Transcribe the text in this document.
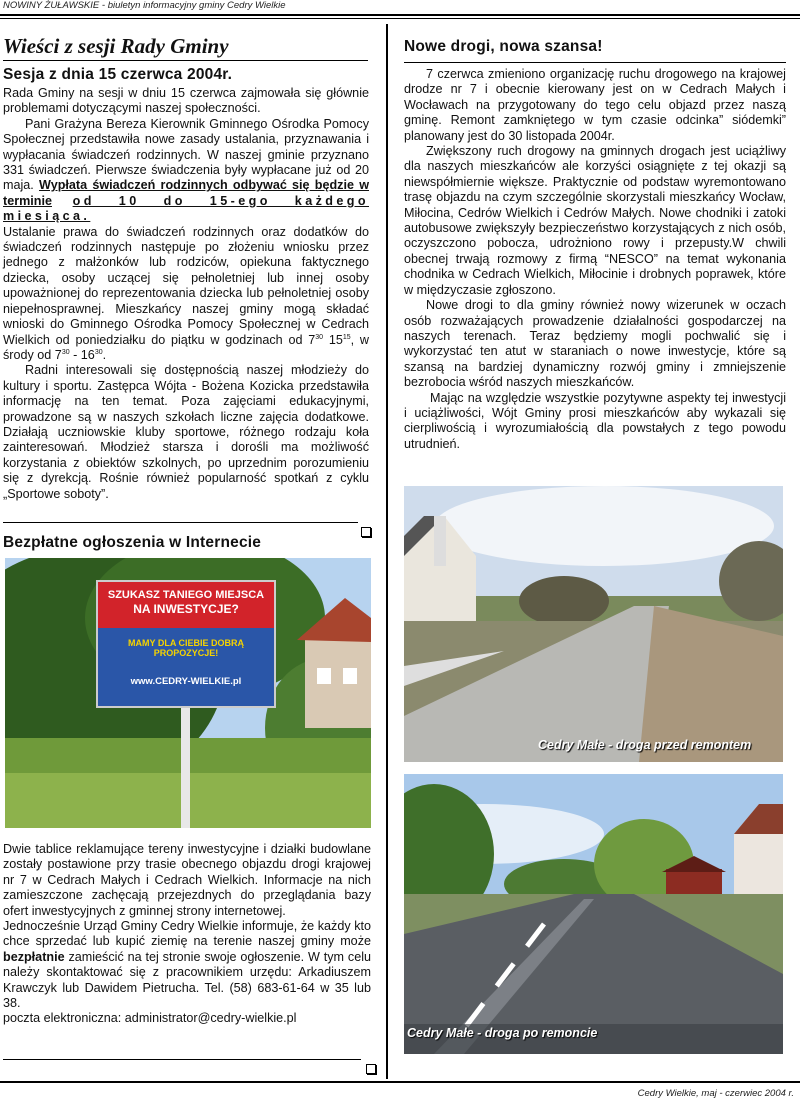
NOWINY ŻUŁAWSKIE - biuletyn informacyjny gminy Cedry Wielkie
Wieści z sesji Rady Gminy
Sesja z dnia 15 czerwca 2004r.

Rada Gminy na sesji w dniu 15 czerwca zajmowała się głównie problemami dotyczącymi naszej społeczności.

Pani Grażyna Bereza Kierownik Gminnego Ośrodka Pomocy Społecznej przedstawiła nowe zasady ustalania, przyznawania i wypłacania świadczeń rodzinnych. W naszej gminie przyznano 331 świadczeń. Pierwsze świadczenia były wypłacane już od 20 maja. Wypłata świadczeń rodzinnych odbywać się będzie w terminie od 10 do 15-ego każdego miesiąca.

Ustalanie prawa do świadczeń rodzinnych oraz dodatków do świadczeń rodzinnych następuje po złożeniu wniosku przez jednego z małżonków lub rodziców, opiekuna faktycznego dziecka, osoby uczącej się pełnoletniej lub innej osoby upoważnionej do reprezentowania dziecka lub pełnoletniej osoby niepełnosprawnej. Mieszkańcy naszej gminy mogą składać wnioski do Gminnego Ośrodka Pomocy Społecznej w Cedrach Wielkich od poniedziałku do piątku w godzinach od $7^{30}$ $15^{15}$, w środy od $7^{30} - 16^{30}$.

Radni interesowali się dostępnością naszej młodzieży do kultury i sportu. Zastępca Wójta - Bożena Kozicka przedstawiła informację na ten temat. Poza zajęciami edukacyjnymi, prowadzone są w naszych szkołach liczne zajęcia dodatkowe. Działają uczniowskie kluby sportowe, różnego rodzaju koła zainteresowań. Młodzież starsza i dorośli ma możliwość korzystania z obiektów szkolnych, po uprzednim porozumieniu się z dyrekcją. Rośnie również popularność spotkań z cyklu „Sportowe soboty”.

Bezpłatne ogłoszenia w Internecie
SZUKASZ TANIEGO MIEJSCA
NA INWESTYCJE?
MAMY DLA CIEBIE DOBRĄ
PROPOZYCJE!
www.CEDRY-WIELKIE.pl

Dwie tablice reklamujące tereny inwestycyjne i działki budowlane zostały postawione przy trasie obecnego objazdu drogi krajowej nr 7 w Cedrach Małych i Cedrach Wielkich. Informacje na nich zamieszczone zachęcają przejezdnych do przeglądania bazy ofert inwestycyjnych z gminnej strony internetowej.

Jednocześnie Urząd Gminy Cedry Wielkie informuje, że każdy kto chce sprzedać lub kupić ziemię na terenie naszej gminy może bezpłatnie zamieścić na tej stronie swoje ogłoszenie. W tym celu należy skontaktować się z pracownikiem urzędu: Arkadiuszem Krawczyk lub Dawidem Pietrucha. Tel. (58) 683-61-64 w 35 lub 38.

poczta elektroniczna: administrator@cedry-wielkie.pl

Nowe drogi, nowa szansa!

7 czerwca zmieniono organizację ruchu drogowego na krajowej drodze nr 7 i obecnie kierowany jest on w Cedrach Małych i Wocławach na przygotowany do tego celu objazd przez naszą gminę. Remont zamkniętego w tym czasie odcinka” siódemki” planowany jest do 30 listopada 2004r.

Zwiększony ruch drogowy na gminnych drogach jest uciążliwy dla naszych mieszkańców ale korzyści osiągnięte z tej okazji są niewspółmiernie większe. Praktycznie od podstaw wyremontowano trasę objazdu na czym szczególnie skorzystali mieszkańcy Wocław, Miłocina, Cedrów Wielkich i Cedrów Małych. Nowe chodniki i zatoki autobusowe zwiększyły bezpieczeństwo korzystających z nich osób, oczyszczono pobocza, udrożniono rowy i przepusty.W chwili obecnej trwają rozmowy z firmą “NESCO” na temat wykonania chodnika w Cedrach Wielkich, Miłocinie i drobnych poprawek, które w międzyczasie zgłoszono.

Nowe drogi to dla gminy również nowy wizerunek w oczach osób rozważających prowadzenie działalności gospodarczej na naszych terenach. Teraz będziemy mogli pochwalić się i wykorzystać ten atut w staraniach o nowe inwestycje, które są szansą na bardziej dynamiczny rozwój gminy i zmniejszenie bezrobocia wśród naszych mieszkańców.

Mając na względzie wszystkie pozytywne aspekty tej inwestycji i uciążliwości, Wójt Gminy prosi mieszkańców aby wykazali się cierpliwością i wyrozumiałością dla powstałych z tego powodu utrudnień.

Cedry Małe - droga przed remontem
Cedry Małe - droga po remoncie
Cedry Wielkie, maj - czerwiec 2004 r.
